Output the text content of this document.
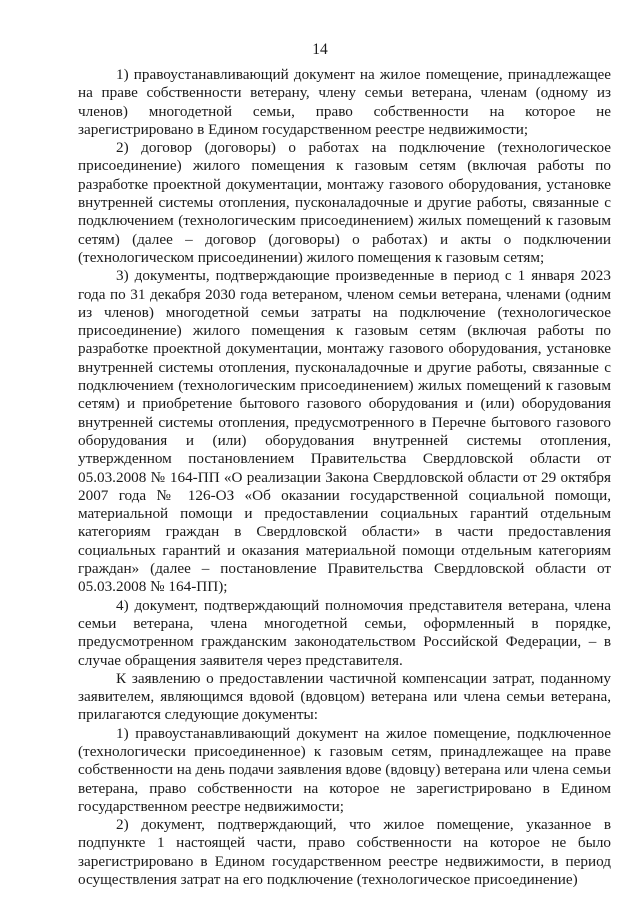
14

1) правоустанавливающий документ на жилое помещение, принадлежащее на праве собственности ветерану, члену семьи ветерана, членам (одному из членов) многодетной семьи, право собственности на которое не зарегистрировано в Едином государственном реестре недвижимости;

2) договор (договоры) о работах на подключение (технологическое присоединение) жилого помещения к газовым сетям (включая работы по разработке проектной документации, монтажу газового оборудования, установке внутренней системы отопления, пусконаладочные и другие работы, связанные с подключением (технологическим присоединением) жилых помещений к газовым сетям) (далее – договор (договоры) о работах) и акты о подключении (технологическом присоединении) жилого помещения к газовым сетям;

3) документы, подтверждающие произведенные в период с 1 января 2023 года по 31 декабря 2030 года ветераном, членом семьи ветерана, членами (одним из членов) многодетной семьи затраты на подключение (технологическое присоединение) жилого помещения к газовым сетям (включая работы по разработке проектной документации, монтажу газового оборудования, установке внутренней системы отопления, пусконаладочные и другие работы, связанные с подключением (технологическим присоединением) жилых помещений к газовым сетям) и приобретение бытового газового оборудования и (или) оборудования внутренней системы отопления, предусмотренного в Перечне бытового газового оборудования и (или) оборудования внутренней системы отопления, утвержденном постановлением Правительства Свердловской области от 05.03.2008 № 164-ПП «О реализации Закона Свердловской области от 29 октября 2007 года № 126-ОЗ «Об оказании государственной социальной помощи, материальной помощи и предоставлении социальных гарантий отдельным категориям граждан в Свердловской области» в части предоставления социальных гарантий и оказания материальной помощи отдельным категориям граждан» (далее – постановление Правительства Свердловской области от 05.03.2008 № 164-ПП);

4) документ, подтверждающий полномочия представителя ветерана, члена семьи ветерана, члена многодетной семьи, оформленный в порядке, предусмотренном гражданским законодательством Российской Федерации, – в случае обращения заявителя через представителя.

К заявлению о предоставлении частичной компенсации затрат, поданному заявителем, являющимся вдовой (вдовцом) ветерана или члена семьи ветерана, прилагаются следующие документы:

1) правоустанавливающий документ на жилое помещение, подключенное (технологически присоединенное) к газовым сетям, принадлежащее на праве собственности на день подачи заявления вдове (вдовцу) ветерана или члена семьи ветерана, право собственности на которое не зарегистрировано в Едином государственном реестре недвижимости;

2) документ, подтверждающий, что жилое помещение, указанное в подпункте 1 настоящей части, право собственности на которое не было зарегистрировано в Едином государственном реестре недвижимости, в период осуществления затрат на его подключение (технологическое присоединение)
